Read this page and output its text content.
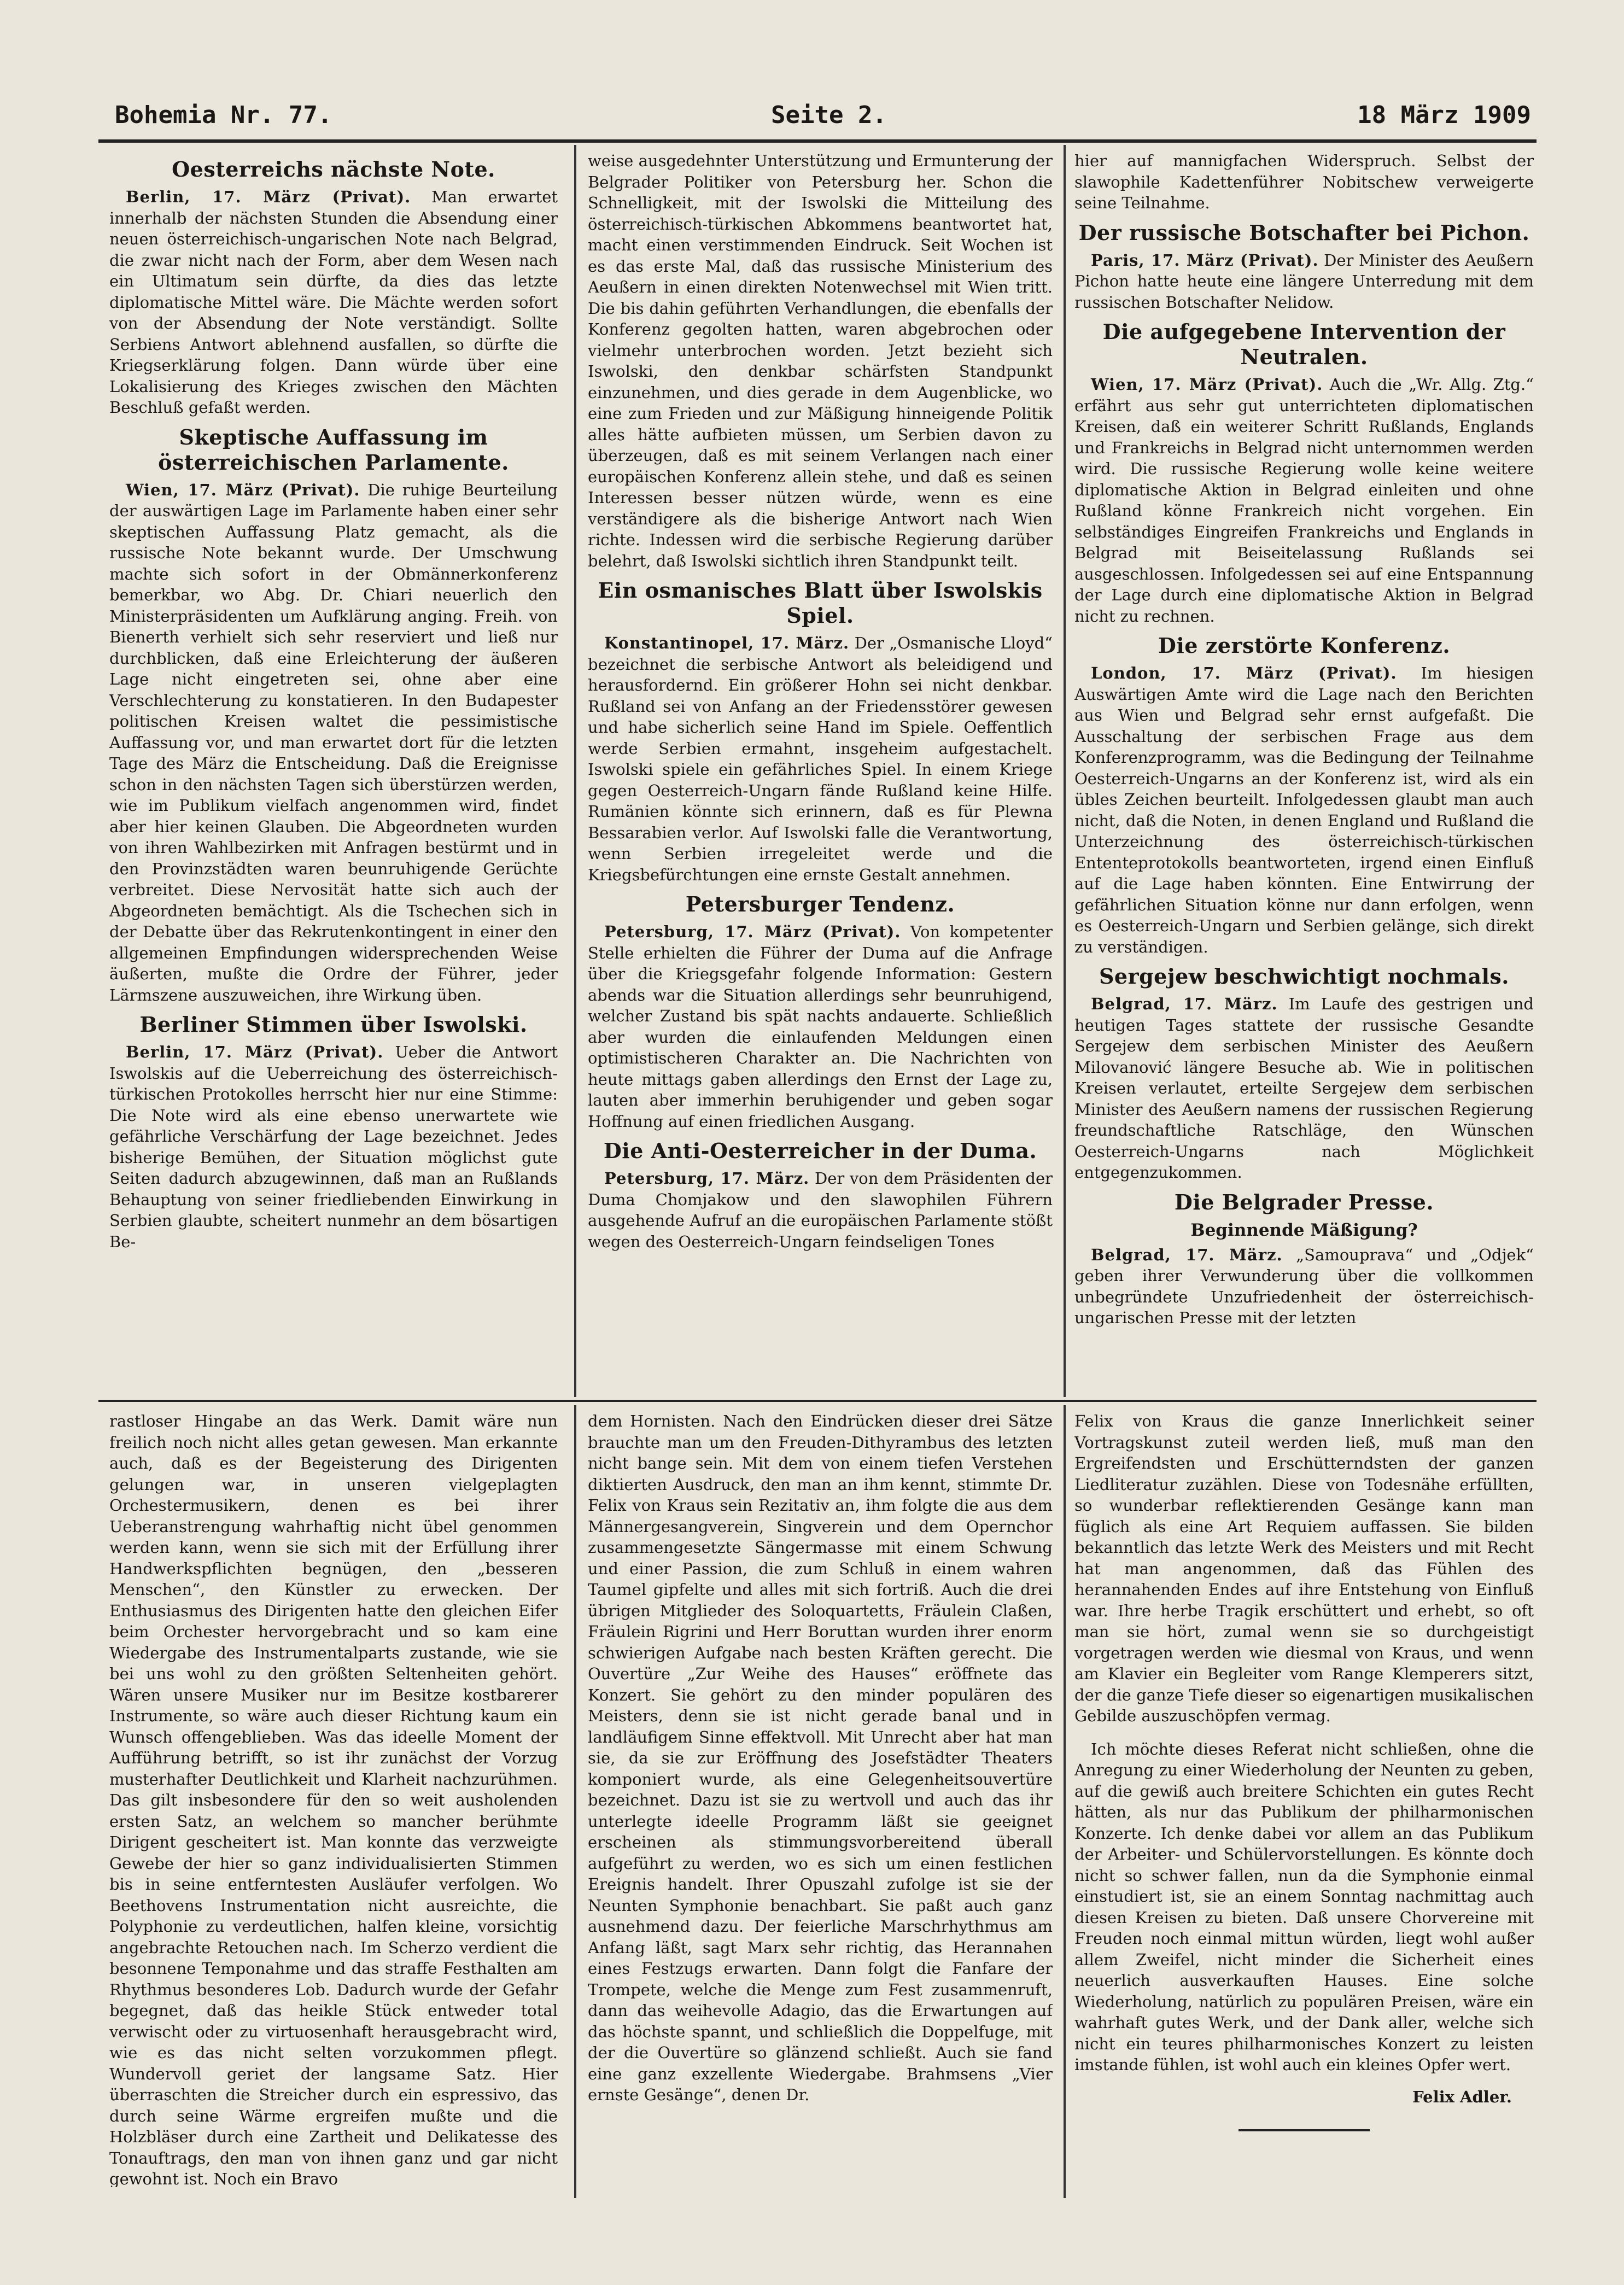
Bohemia Nr. 77.	Seite 2.	18 März 1909
Oesterreichs nächste Note.

Berlin, 17. März (Privat). Man erwartet innerhalb der nächsten Stunden die Absendung einer neuen österreichisch-ungarischen Note nach Belgrad, die zwar nicht nach der Form, aber dem Wesen nach ein Ultimatum sein dürfte, da dies das letzte diplomatische Mittel wäre. Die Mächte werden sofort von der Absendung der Note verständigt. Sollte Serbiens Antwort ablehnend ausfallen, so dürfte die Kriegserklärung folgen. Dann würde über eine Lokalisierung des Krieges zwischen den Mächten Beschluß gefaßt werden.

Skeptische Auffassung im österreichischen Parlamente.

Wien, 17. März (Privat). Die ruhige Beurteilung der auswärtigen Lage im Parlamente haben einer sehr skeptischen Auffassung Platz gemacht, als die russische Note bekannt wurde. Der Umschwung machte sich sofort in der Obmännerkonferenz bemerkbar, wo Abg. Dr. Chiari neuerlich den Ministerpräsidenten um Aufklärung anging. Freih. von Bienerth verhielt sich sehr reserviert und ließ nur durchblicken, daß eine Erleichterung der äußeren Lage nicht eingetreten sei, ohne aber eine Verschlechterung zu konstatieren. In den Budapester politischen Kreisen waltet die pessimistische Auffassung vor, und man erwartet dort für die letzten Tage des März die Entscheidung. Daß die Ereignisse schon in den nächsten Tagen sich überstürzen werden, wie im Publikum vielfach angenommen wird, findet aber hier keinen Glauben. Die Abgeordneten wurden von ihren Wahlbezirken mit Anfragen bestürmt und in den Provinzstädten waren beunruhigende Gerüchte verbreitet. Diese Nervosität hatte sich auch der Abgeordneten bemächtigt. Als die Tschechen sich in der Debatte über das Rekrutenkontingent in einer den allgemeinen Empfindungen widersprechenden Weise äußerten, mußte die Ordre der Führer, jeder Lärmszene auszuweichen, ihre Wirkung üben.

Berliner Stimmen über Iswolski.

Berlin, 17. März (Privat). Ueber die Antwort Iswolskis auf die Ueberreichung des österreichisch-türkischen Protokolles herrscht hier nur eine Stimme: Die Note wird als eine ebenso unerwartete wie gefährliche Verschärfung der Lage bezeichnet. Jedes bisherige Bemühen, der Situation möglichst gute Seiten dadurch abzugewinnen, daß man an Rußlands Behauptung von seiner friedliebenden Einwirkung in Serbien glaubte, scheitert nunmehr an dem bösartigen Be-

weise ausgedehnter Unterstützung und Ermunterung der Belgrader Politiker von Petersburg her. Schon die Schnelligkeit, mit der Iswolski die Mitteilung des österreichisch-türkischen Abkommens beantwortet hat, macht einen verstimmenden Eindruck. Seit Wochen ist es das erste Mal, daß das russische Ministerium des Aeußern in einen direkten Notenwechsel mit Wien tritt. Die bis dahin geführten Verhandlungen, die ebenfalls der Konferenz gegolten hatten, waren abgebrochen oder vielmehr unterbrochen worden. Jetzt bezieht sich Iswolski, den denkbar schärfsten Standpunkt einzunehmen, und dies gerade in dem Augenblicke, wo eine zum Frieden und zur Mäßigung hinneigende Politik alles hätte aufbieten müssen, um Serbien davon zu überzeugen, daß es mit seinem Verlangen nach einer europäischen Konferenz allein stehe, und daß es seinen Interessen besser nützen würde, wenn es eine verständigere als die bisherige Antwort nach Wien richte. Indessen wird die serbische Regierung darüber belehrt, daß Iswolski sichtlich ihren Standpunkt teilt.

Ein osmanisches Blatt über Iswolskis Spiel.

Konstantinopel, 17. März. Der „Osmanische Lloyd“ bezeichnet die serbische Antwort als beleidigend und herausfordernd. Ein größerer Hohn sei nicht denkbar. Rußland sei von Anfang an der Friedensstörer gewesen und habe sicherlich seine Hand im Spiele. Oeffentlich werde Serbien ermahnt, insgeheim aufgestachelt. Iswolski spiele ein gefährliches Spiel. In einem Kriege gegen Oesterreich-Ungarn fände Rußland keine Hilfe. Rumänien könnte sich erinnern, daß es für Plewna Bessarabien verlor. Auf Iswolski falle die Verantwortung, wenn Serbien irregeleitet werde und die Kriegsbefürchtungen eine ernste Gestalt annehmen.

Petersburger Tendenz.

Petersburg, 17. März (Privat). Von kompetenter Stelle erhielten die Führer der Duma auf die Anfrage über die Kriegsgefahr folgende Information: Gestern abends war die Situation allerdings sehr beunruhigend, welcher Zustand bis spät nachts andauerte. Schließlich aber wurden die einlaufenden Meldungen einen optimistischeren Charakter an. Die Nachrichten von heute mittags gaben allerdings den Ernst der Lage zu, lauten aber immerhin beruhigender und geben sogar Hoffnung auf einen friedlichen Ausgang.

Die Anti-Oesterreicher in der Duma.

Petersburg, 17. März. Der von dem Präsidenten der Duma Chomjakow und den slawophilen Führern ausgehende Aufruf an die europäischen Parlamente stößt wegen des Oesterreich-Ungarn feindseligen Tones

hier auf mannigfachen Widerspruch. Selbst der slawophile Kadettenführer Nobitschew verweigerte seine Teilnahme.

Der russische Botschafter bei Pichon.

Paris, 17. März (Privat). Der Minister des Aeußern Pichon hatte heute eine längere Unterredung mit dem russischen Botschafter Nelidow.

Die aufgegebene Intervention der Neutralen.

Wien, 17. März (Privat). Auch die „Wr. Allg. Ztg.“ erfährt aus sehr gut unterrichteten diplomatischen Kreisen, daß ein weiterer Schritt Rußlands, Englands und Frankreichs in Belgrad nicht unternommen werden wird. Die russische Regierung wolle keine weitere diplomatische Aktion in Belgrad einleiten und ohne Rußland könne Frankreich nicht vorgehen. Ein selbständiges Eingreifen Frankreichs und Englands in Belgrad mit Beiseitelassung Rußlands sei ausgeschlossen. Infolgedessen sei auf eine Entspannung der Lage durch eine diplomatische Aktion in Belgrad nicht zu rechnen.

Die zerstörte Konferenz.

London, 17. März (Privat). Im hiesigen Auswärtigen Amte wird die Lage nach den Berichten aus Wien und Belgrad sehr ernst aufgefaßt. Die Ausschaltung der serbischen Frage aus dem Konferenzprogramm, was die Bedingung der Teilnahme Oesterreich-Ungarns an der Konferenz ist, wird als ein übles Zeichen beurteilt. Infolgedessen glaubt man auch nicht, daß die Noten, in denen England und Rußland die Unterzeichnung des österreichisch-türkischen Ententeprotokolls beantworteten, irgend einen Einfluß auf die Lage haben könnten. Eine Entwirrung der gefährlichen Situation könne nur dann erfolgen, wenn es Oesterreich-Ungarn und Serbien gelänge, sich direkt zu verständigen.

Sergejew beschwichtigt nochmals.

Belgrad, 17. März. Im Laufe des gestrigen und heutigen Tages stattete der russische Gesandte Sergejew dem serbischen Minister des Aeußern Milovanović längere Besuche ab. Wie in politischen Kreisen verlautet, erteilte Sergejew dem serbischen Minister des Aeußern namens der russischen Regierung freundschaftliche Ratschläge, den Wünschen Oesterreich-Ungarns nach Möglichkeit entgegenzukommen.

Die Belgrader Presse.
Beginnende Mäßigung?

Belgrad, 17. März. „Samouprava“ und „Odjek“ geben ihrer Verwunderung über die vollkommen unbegründete Unzufriedenheit der österreichisch-ungarischen Presse mit der letzten

rastloser Hingabe an das Werk. Damit wäre nun freilich noch nicht alles getan gewesen. Man erkannte auch, daß es der Begeisterung des Dirigenten gelungen war, in unseren vielgeplagten Orchestermusikern, denen es bei ihrer Ueberanstrengung wahrhaftig nicht übel genommen werden kann, wenn sie sich mit der Erfüllung ihrer Handwerkspflichten begnügen, den „besseren Menschen“, den Künstler zu erwecken. Der Enthusiasmus des Dirigenten hatte den gleichen Eifer beim Orchester hervorgebracht und so kam eine Wiedergabe des Instrumentalparts zustande, wie sie bei uns wohl zu den größten Seltenheiten gehört. Wären unsere Musiker nur im Besitze kostbarerer Instrumente, so wäre auch dieser Richtung kaum ein Wunsch offengeblieben. Was das ideelle Moment der Aufführung betrifft, so ist ihr zunächst der Vorzug musterhafter Deutlichkeit und Klarheit nachzurühmen. Das gilt insbesondere für den so weit ausholenden ersten Satz, an welchem so mancher berühmte Dirigent gescheitert ist. Man konnte das verzweigte Gewebe der hier so ganz individualisierten Stimmen bis in seine entferntesten Ausläufer verfolgen. Wo Beethovens Instrumentation nicht ausreichte, die Polyphonie zu verdeutlichen, halfen kleine, vorsichtig angebrachte Retouchen nach. Im Scherzo verdient die besonnene Temponahme und das straffe Festhalten am Rhythmus besonderes Lob. Dadurch wurde der Gefahr begegnet, daß das heikle Stück entweder total verwischt oder zu virtuosenhaft herausgebracht wird, wie es das nicht selten vorzukommen pflegt. Wundervoll geriet der langsame Satz. Hier überraschten die Streicher durch ein espressivo, das durch seine Wärme ergreifen mußte und die Holzbläser durch eine Zartheit und Delikatesse des Tonauftrags, den man von ihnen ganz und gar nicht gewohnt ist. Noch ein Bravo

dem Hornisten. Nach den Eindrücken dieser drei Sätze brauchte man um den Freuden-Dithyrambus des letzten nicht bange sein. Mit dem von einem tiefen Verstehen diktierten Ausdruck, den man an ihm kennt, stimmte Dr. Felix von Kraus sein Rezitativ an, ihm folgte die aus dem Männergesangverein, Singverein und dem Opernchor zusammengesetzte Sängermasse mit einem Schwung und einer Passion, die zum Schluß in einem wahren Taumel gipfelte und alles mit sich fortriß. Auch die drei übrigen Mitglieder des Soloquartetts, Fräulein Claßen, Fräulein Rigrini und Herr Boruttan wurden ihrer enorm schwierigen Aufgabe nach besten Kräften gerecht. Die Ouvertüre „Zur Weihe des Hauses“ eröffnete das Konzert. Sie gehört zu den minder populären des Meisters, denn sie ist nicht gerade banal und in landläufigem Sinne effektvoll. Mit Unrecht aber hat man sie, da sie zur Eröffnung des Josefstädter Theaters komponiert wurde, als eine Gelegenheitsouvertüre bezeichnet. Dazu ist sie zu wertvoll und auch das ihr unterlegte ideelle Programm läßt sie geeignet erscheinen als stimmungsvorbereitend überall aufgeführt zu werden, wo es sich um einen festlichen Ereignis handelt. Ihrer Opuszahl zufolge ist sie der Neunten Symphonie benachbart. Sie paßt auch ganz ausnehmend dazu. Der feierliche Marschrhythmus am Anfang läßt, sagt Marx sehr richtig, das Herannahen eines Festzugs erwarten. Dann folgt die Fanfare der Trompete, welche die Menge zum Fest zusammenruft, dann das weihevolle Adagio, das die Erwartungen auf das höchste spannt, und schließlich die Doppelfuge, mit der die Ouvertüre so glänzend schließt. Auch sie fand eine ganz exzellente Wiedergabe. Brahmsens „Vier ernste Gesänge“, denen Dr.

Felix von Kraus die ganze Innerlichkeit seiner Vortragskunst zuteil werden ließ, muß man den Ergreifendsten und Erschütterndsten der ganzen Liedliteratur zuzählen. Diese von Todesnähe erfüllten, so wunderbar reflektierenden Gesänge kann man füglich als eine Art Requiem auffassen. Sie bilden bekanntlich das letzte Werk des Meisters und mit Recht hat man angenommen, daß das Fühlen des herannahenden Endes auf ihre Entstehung von Einfluß war. Ihre herbe Tragik erschüttert und erhebt, so oft man sie hört, zumal wenn sie so durchgeistigt vorgetragen werden wie diesmal von Kraus, und wenn am Klavier ein Begleiter vom Range Klemperers sitzt, der die ganze Tiefe dieser so eigenartigen musikalischen Gebilde auszuschöpfen vermag.

Ich möchte dieses Referat nicht schließen, ohne die Anregung zu einer Wiederholung der Neunten zu geben, auf die gewiß auch breitere Schichten ein gutes Recht hätten, als nur das Publikum der philharmonischen Konzerte. Ich denke dabei vor allem an das Publikum der Arbeiter- und Schülervorstellungen. Es könnte doch nicht so schwer fallen, nun da die Symphonie einmal einstudiert ist, sie an einem Sonntag nachmittag auch diesen Kreisen zu bieten. Daß unsere Chorvereine mit Freuden noch einmal mittun würden, liegt wohl außer allem Zweifel, nicht minder die Sicherheit eines neuerlich ausverkauften Hauses. Eine solche Wiederholung, natürlich zu populären Preisen, wäre ein wahrhaft gutes Werk, und der Dank aller, welche sich nicht ein teures philharmonisches Konzert zu leisten imstande fühlen, ist wohl auch ein kleines Opfer wert.

Felix Adler.
